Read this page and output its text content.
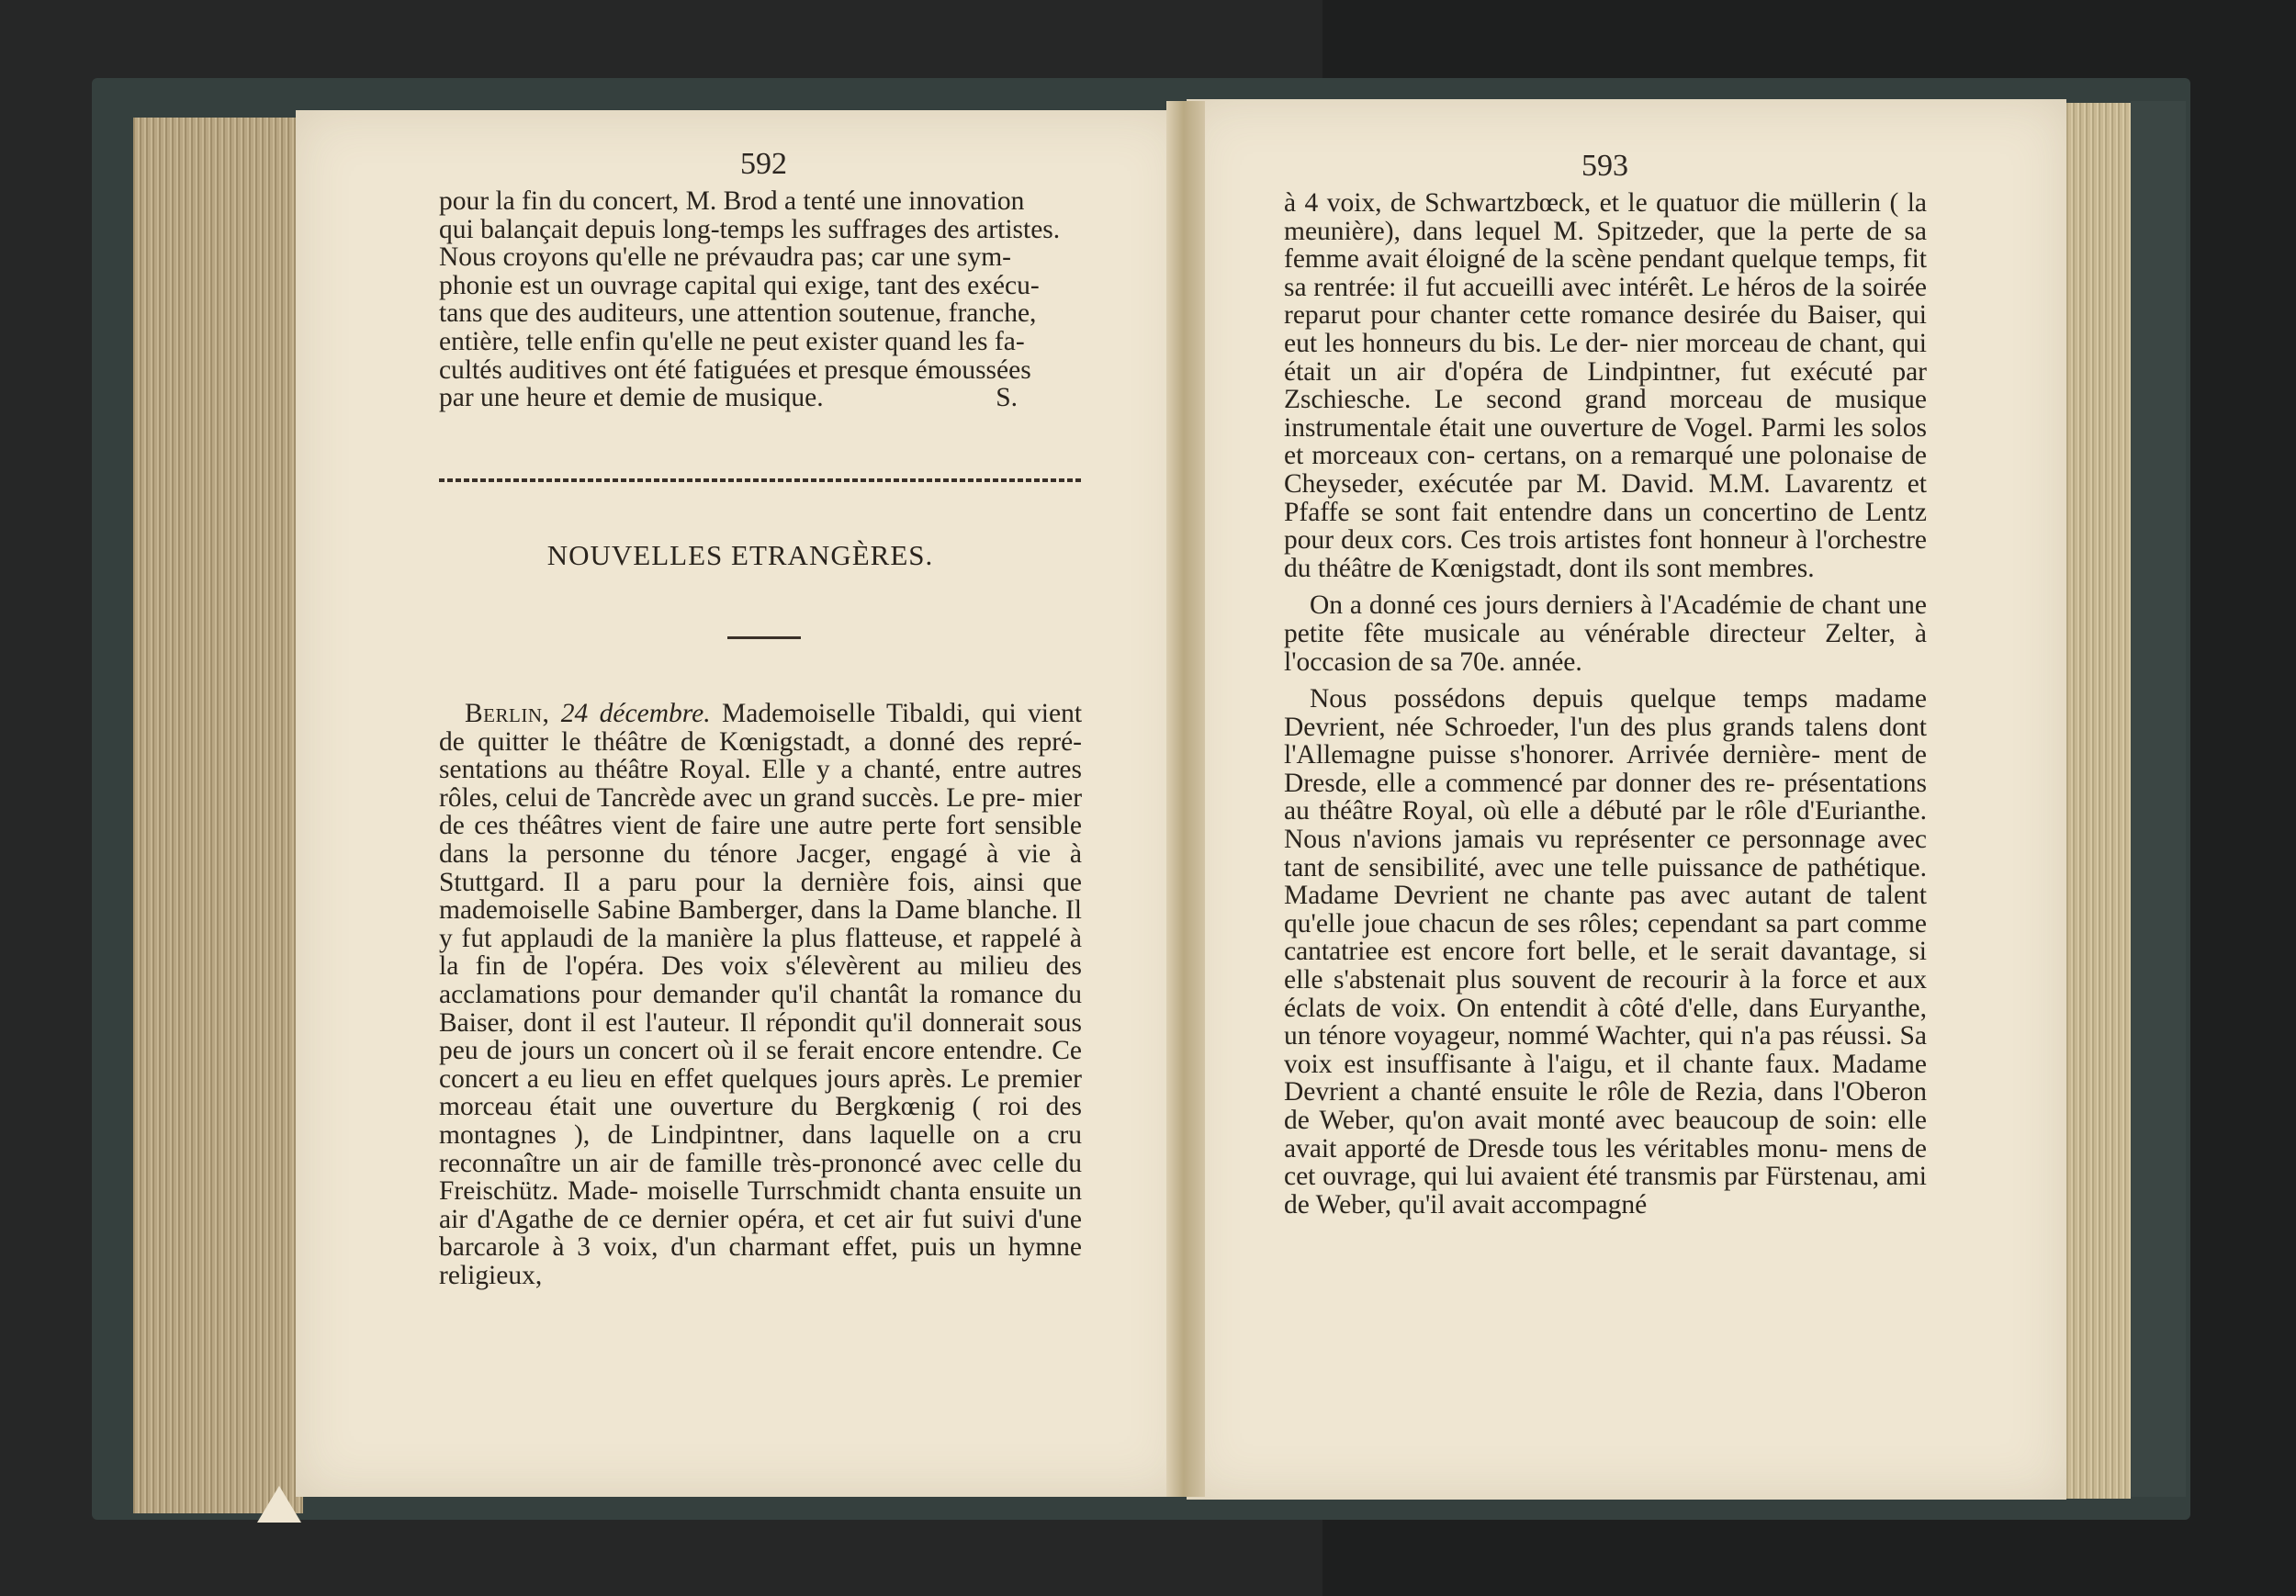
592

pour la fin du concert, M. Brod a tenté une innovation

qui balançait depuis long-temps les suffrages des artistes.

Nous croyons qu'elle ne prévaudra pas; car une sym-

phonie est un ouvrage capital qui exige, tant des exécu-

tans que des auditeurs, une attention soutenue, franche,

entière, telle enfin qu'elle ne peut exister quand les fa-

cultés auditives ont été fatiguées et presque émoussées

par une heure et demie de musique.	S.

NOUVELLES ETRANGÈRES.

Berlin, 24 décembre. Mademoiselle Tibaldi, qui vient de quitter le théâtre de Kœnigstadt, a donné des repré- sentations au théâtre Royal. Elle y a chanté, entre autres rôles, celui de Tancrède avec un grand succès. Le pre- mier de ces théâtres vient de faire une autre perte fort sensible dans la personne du ténore Jacger, engagé à vie à Stuttgard. Il a paru pour la dernière fois, ainsi que mademoiselle Sabine Bamberger, dans la Dame blanche. Il y fut applaudi de la manière la plus flatteuse, et rappelé à la fin de l'opéra. Des voix s'élevèrent au milieu des acclamations pour demander qu'il chantât la romance du Baiser, dont il est l'auteur. Il répondit qu'il donnerait sous peu de jours un concert où il se ferait encore entendre. Ce concert a eu lieu en effet quelques jours après. Le premier morceau était une ouverture du Bergkœnig ( roi des montagnes ), de Lindpintner, dans laquelle on a cru reconnaître un air de famille très-prononcé avec celle du Freischütz. Made- moiselle Turrschmidt chanta ensuite un air d'Agathe de ce dernier opéra, et cet air fut suivi d'une barcarole à 3 voix, d'un charmant effet, puis un hymne religieux,

593

à 4 voix, de Schwartzbœck, et le quatuor die müllerin ( la meunière), dans lequel M. Spitzeder, que la perte de sa femme avait éloigné de la scène pendant quelque temps, fit sa rentrée: il fut accueilli avec intérêt. Le héros de la soirée reparut pour chanter cette romance desirée du Baiser, qui eut les honneurs du bis. Le der- nier morceau de chant, qui était un air d'opéra de Lindpintner, fut exécuté par Zschiesche. Le second grand morceau de musique instrumentale était une ouverture de Vogel. Parmi les solos et morceaux con- certans, on a remarqué une polonaise de Cheyseder, exécutée par M. David. M.M. Lavarentz et Pfaffe se sont fait entendre dans un concertino de Lentz pour deux cors. Ces trois artistes font honneur à l'orchestre du théâtre de Kœnigstadt, dont ils sont membres.

On a donné ces jours derniers à l'Académie de chant une petite fête musicale au vénérable directeur Zelter, à l'occasion de sa 70e. année.

Nous possédons depuis quelque temps madame Devrient, née Schroeder, l'un des plus grands talens dont l'Allemagne puisse s'honorer. Arrivée dernière- ment de Dresde, elle a commencé par donner des re- présentations au théâtre Royal, où elle a débuté par le rôle d'Eurianthe. Nous n'avions jamais vu représenter ce personnage avec tant de sensibilité, avec une telle puissance de pathétique. Madame Devrient ne chante pas avec autant de talent qu'elle joue chacun de ses rôles; cependant sa part comme cantatriee est encore fort belle, et le serait davantage, si elle s'abstenait plus souvent de recourir à la force et aux éclats de voix. On entendit à côté d'elle, dans Euryanthe, un ténore voyageur, nommé Wachter, qui n'a pas réussi. Sa voix est insuffisante à l'aigu, et il chante faux. Madame Devrient a chanté ensuite le rôle de Rezia, dans l'Oberon de Weber, qu'on avait monté avec beaucoup de soin: elle avait apporté de Dresde tous les véritables monu- mens de cet ouvrage, qui lui avaient été transmis par Fürstenau, ami de Weber, qu'il avait accompagné
